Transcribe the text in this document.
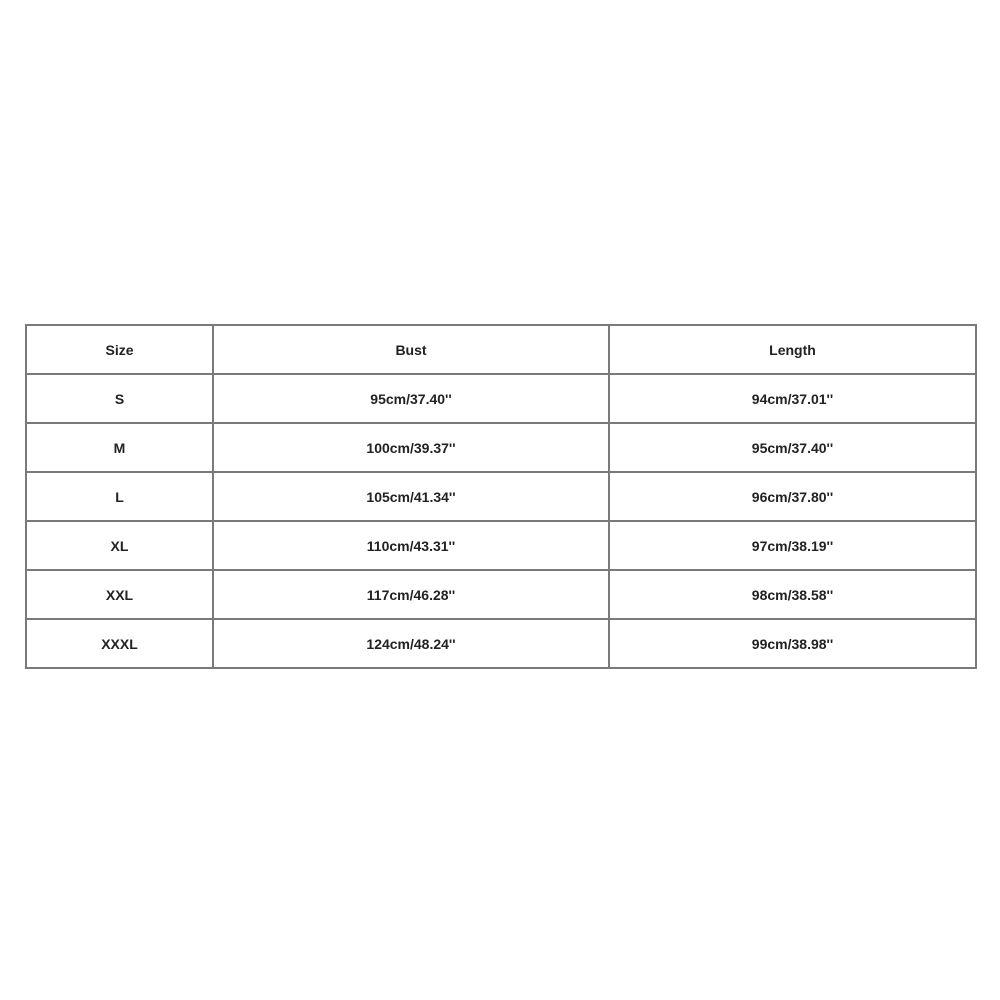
Size	Bust	Length
S	95cm/37.40''	94cm/37.01''
M	100cm/39.37''	95cm/37.40''
L	105cm/41.34''	96cm/37.80''
XL	110cm/43.31''	97cm/38.19''
XXL	117cm/46.28''	98cm/38.58''
XXXL	124cm/48.24''	99cm/38.98''
